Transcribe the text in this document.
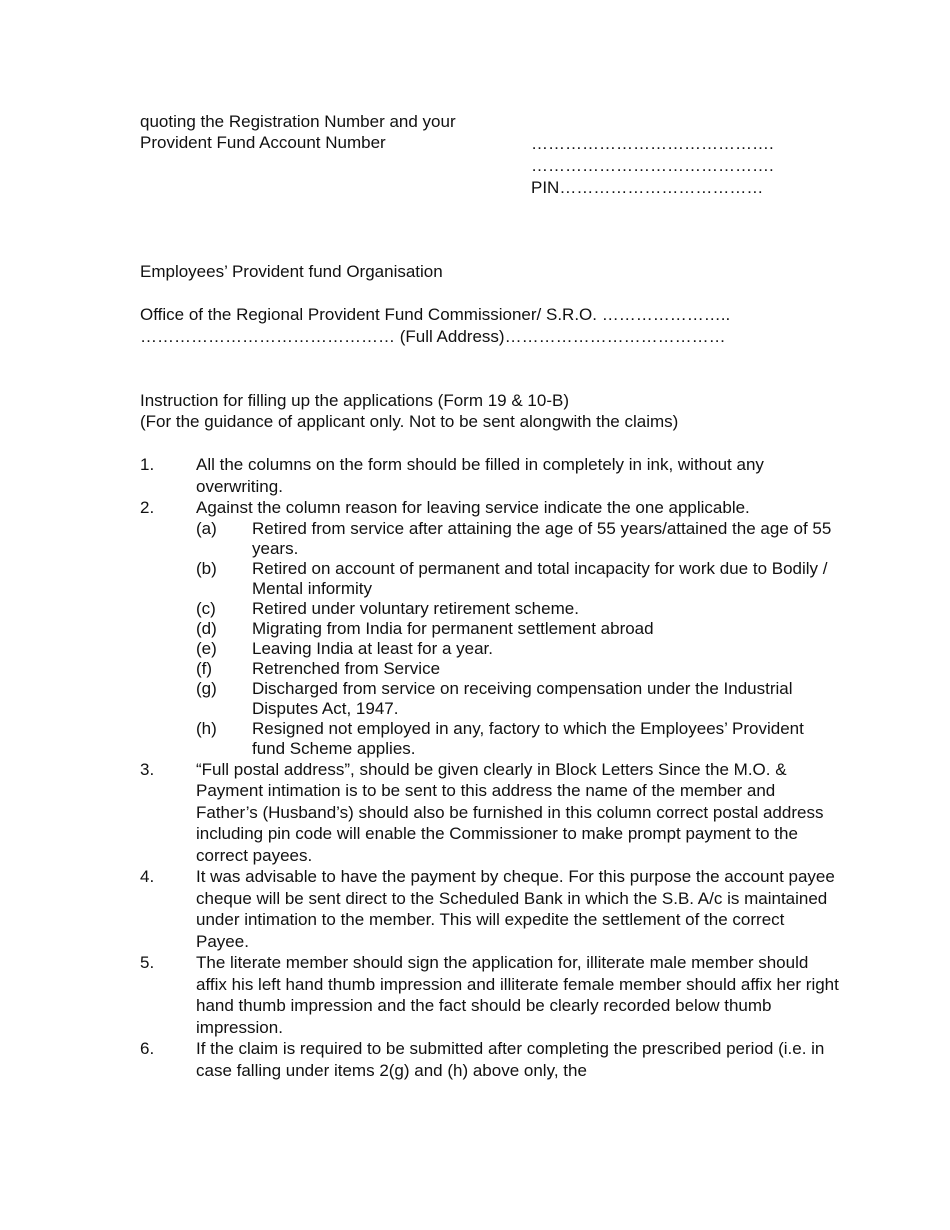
quoting the Registration Number and your
Provident Fund Account Number	…………………………………….
…………………………………….
PIN………………………………
Employees’ Provident fund Organisation
Office of the Regional Provident Fund Commissioner/ S.R.O. …………………..
……………………………………… (Full Address)…………………………………
Instruction for filling up the applications (Form 19 & 10-B)
(For the guidance of applicant only. Not to be sent alongwith the claims)
1. All the columns on the form should be filled in completely in ink, without any overwriting.
2. Against the column reason for leaving service indicate the one applicable.
(a) Retired from service after attaining the age of 55 years/attained the age of 55 years.
(b) Retired on account of permanent and total incapacity for work due to Bodily / Mental informity
(c) Retired under voluntary retirement scheme.
(d) Migrating from India for permanent settlement abroad
(e) Leaving India at least for a year.
(f) Retrenched from Service
(g) Discharged from service on receiving compensation under the Industrial Disputes Act, 1947.
(h) Resigned not employed in any, factory to which the Employees’ Provident fund Scheme applies.
3. “Full postal address”, should be given clearly in Block Letters Since the M.O. & Payment intimation is to be sent to this address the name of the member and Father’s (Husband’s) should also be furnished in this column correct postal address including pin code will enable the Commissioner to make prompt payment to the correct payees.
4. It was advisable to have the payment by cheque. For this purpose the account payee cheque will be sent direct to the Scheduled Bank in which the S.B. A/c is maintained under intimation to the member. This will expedite the settlement of the correct Payee.
5. The literate member should sign the application for, illiterate male member should affix his left hand thumb impression and illiterate female member should affix her right hand thumb impression and the fact should be clearly recorded below thumb impression.
6. If the claim is required to be submitted after completing the prescribed period (i.e. in case falling under items 2(g) and (h) above only, the
